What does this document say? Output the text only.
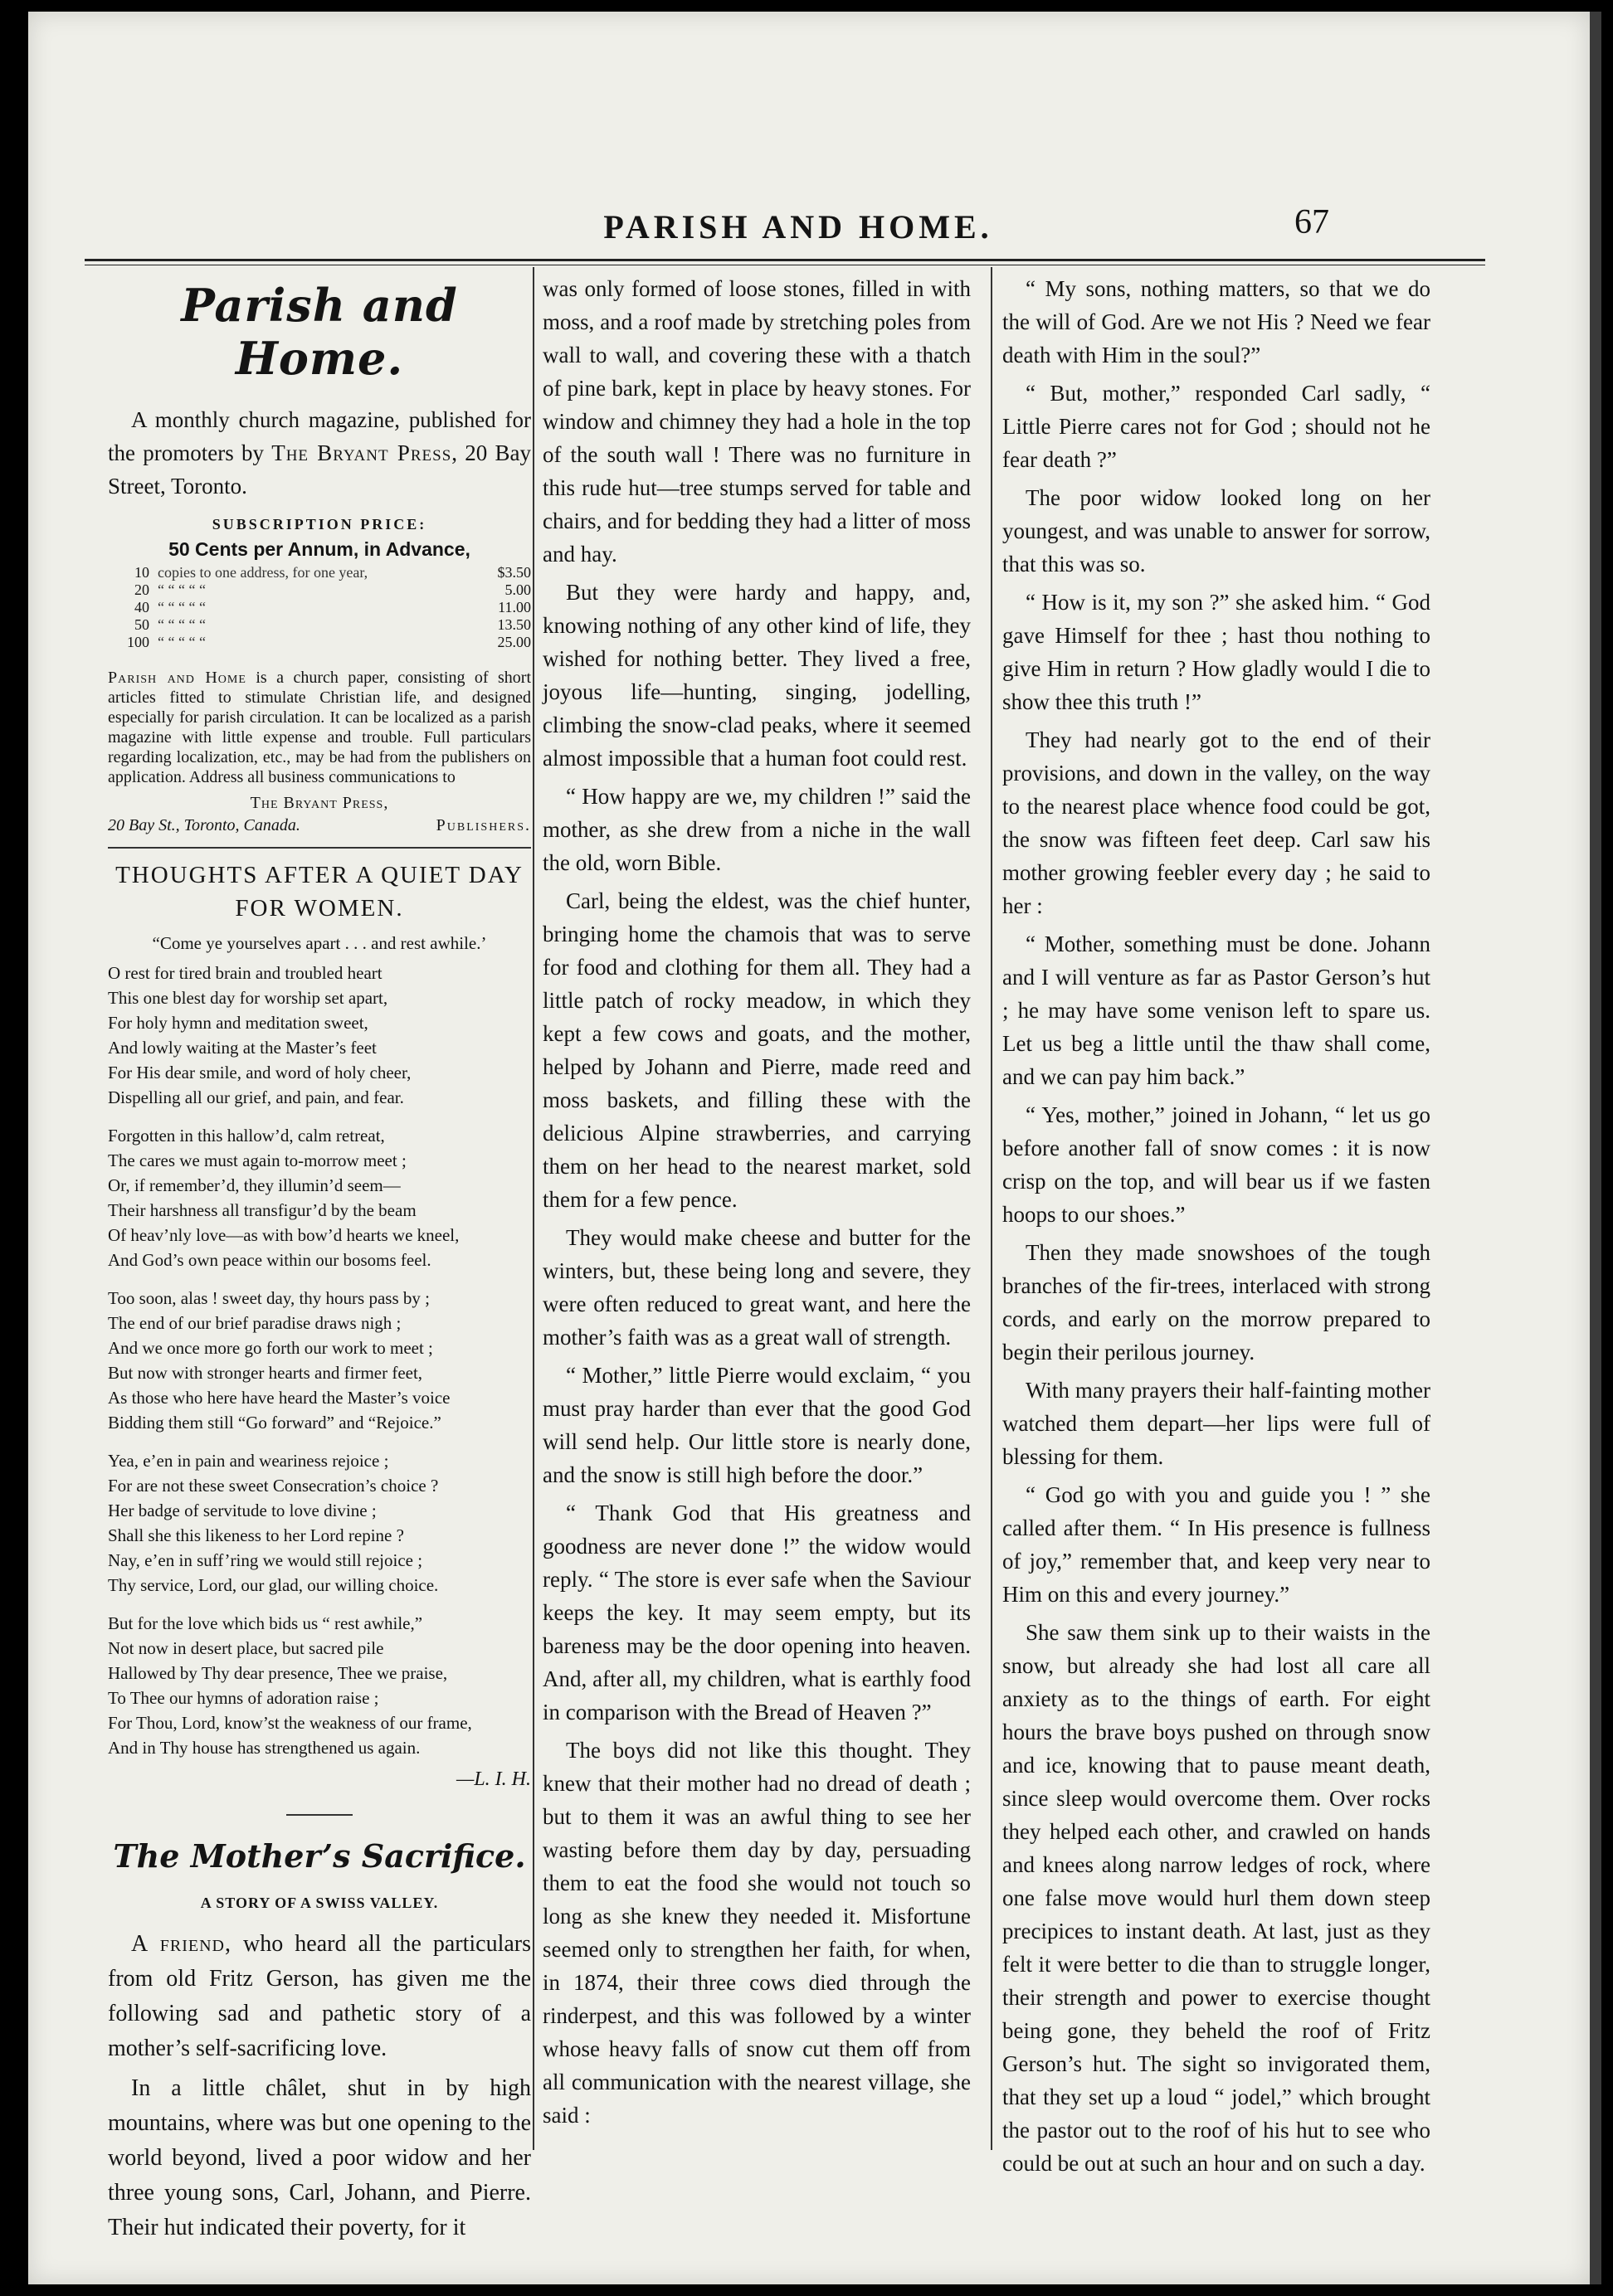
PARISH AND HOME.	67
Parish and Home.

A monthly church magazine, published for the promoters by The Bryant Press, 20 Bay Street, Toronto.

SUBSCRIPTION PRICE:
50 Cents per Annum, in Advance,
10	copies to one address, for one year,	$3.50
20	“ “ “ “ “	5.00
40	“ “ “ “ “	11.00
50	“ “ “ “ “	13.50
100	“ “ “ “ “	25.00
Parish and Home is a church paper, consisting of short articles fitted to stimulate Christian life, and designed especially for parish circulation. It can be localized as a parish magazine with little expense and trouble. Full particulars regarding localization, etc., may be had from the publishers on application. Address all business communications to
The Bryant Press,
20 Bay St., Toronto, Canada.	Publishers.
THOUGHTS AFTER A QUIET DAY
FOR WOMEN.
“Come ye yourselves apart . . . and rest awhile.’
O rest for tired brain and troubled heart
This one blest day for worship set apart,
For holy hymn and meditation sweet,
And lowly waiting at the Master’s feet
For His dear smile, and word of holy cheer,
Dispelling all our grief, and pain, and fear.
Forgotten in this hallow’d, calm retreat,
The cares we must again to-morrow meet ;
Or, if remember’d, they illumin’d seem—
Their harshness all transfigur’d by the beam
Of heav’nly love—as with bow’d hearts we kneel,
And God’s own peace within our bosoms feel.
Too soon, alas ! sweet day, thy hours pass by ;
The end of our brief paradise draws nigh ;
And we once more go forth our work to meet ;
But now with stronger hearts and firmer feet,
As those who here have heard the Master’s voice
Bidding them still “Go forward” and “Rejoice.”
Yea, e’en in pain and weariness rejoice ;
For are not these sweet Consecration’s choice ?
Her badge of servitude to love divine ;
Shall she this likeness to her Lord repine ?
Nay, e’en in suff’ring we would still rejoice ;
Thy service, Lord, our glad, our willing choice.
But for the love which bids us “ rest awhile,”
Not now in desert place, but sacred pile
Hallowed by Thy dear presence, Thee we praise,
To Thee our hymns of adoration raise ;
For Thou, Lord, know’st the weakness of our frame,
And in Thy house has strengthened us again.
—L. I. H.
The Mother’s Sacrifice.
A STORY OF A SWISS VALLEY.

A friend, who heard all the particulars from old Fritz Gerson, has given me the following sad and pathetic story of a mother’s self-sacrificing love.

In a little châlet, shut in by high mountains, where was but one opening to the world beyond, lived a poor widow and her three young sons, Carl, Johann, and Pierre. Their hut indicated their poverty, for it

was only formed of loose stones, filled in with moss, and a roof made by stretching poles from wall to wall, and covering these with a thatch of pine bark, kept in place by heavy stones. For window and chimney they had a hole in the top of the south wall ! There was no furniture in this rude hut—tree stumps served for table and chairs, and for bedding they had a litter of moss and hay.

But they were hardy and happy, and, knowing nothing of any other kind of life, they wished for nothing better. They lived a free, joyous life—hunting, singing, jodelling, climbing the snow-clad peaks, where it seemed almost impossible that a human foot could rest.

“ How happy are we, my children !” said the mother, as she drew from a niche in the wall the old, worn Bible.

Carl, being the eldest, was the chief hunter, bringing home the chamois that was to serve for food and clothing for them all. They had a little patch of rocky meadow, in which they kept a few cows and goats, and the mother, helped by Johann and Pierre, made reed and moss baskets, and filling these with the delicious Alpine strawberries, and carrying them on her head to the nearest market, sold them for a few pence.

They would make cheese and butter for the winters, but, these being long and severe, they were often reduced to great want, and here the mother’s faith was as a great wall of strength.

“ Mother,” little Pierre would exclaim, “ you must pray harder than ever that the good God will send help. Our little store is nearly done, and the snow is still high before the door.”

“ Thank God that His greatness and goodness are never done !” the widow would reply. “ The store is ever safe when the Saviour keeps the key. It may seem empty, but its bareness may be the door opening into heaven. And, after all, my children, what is earthly food in comparison with the Bread of Heaven ?”

The boys did not like this thought. They knew that their mother had no dread of death ; but to them it was an awful thing to see her wasting before them day by day, persuading them to eat the food she would not touch so long as she knew they needed it. Misfortune seemed only to strengthen her faith, for when, in 1874, their three cows died through the rinderpest, and this was followed by a winter whose heavy falls of snow cut them off from all communication with the nearest village, she said :

“ My sons, nothing matters, so that we do the will of God. Are we not His ? Need we fear death with Him in the soul?”

“ But, mother,” responded Carl sadly, “ Little Pierre cares not for God ; should not he fear death ?”

The poor widow looked long on her youngest, and was unable to answer for sorrow, that this was so.

“ How is it, my son ?” she asked him. “ God gave Himself for thee ; hast thou nothing to give Him in return ? How gladly would I die to show thee this truth !”

They had nearly got to the end of their provisions, and down in the valley, on the way to the nearest place whence food could be got, the snow was fifteen feet deep. Carl saw his mother growing feebler every day ; he said to her :

“ Mother, something must be done. Johann and I will venture as far as Pastor Gerson’s hut ; he may have some venison left to spare us. Let us beg a little until the thaw shall come, and we can pay him back.”

“ Yes, mother,” joined in Johann, “ let us go before another fall of snow comes : it is now crisp on the top, and will bear us if we fasten hoops to our shoes.”

Then they made snowshoes of the tough branches of the fir-trees, interlaced with strong cords, and early on the morrow prepared to begin their perilous journey.

With many prayers their half-fainting mother watched them depart—her lips were full of blessing for them.

“ God go with you and guide you ! ” she called after them. “ In His presence is fullness of joy,” remember that, and keep very near to Him on this and every journey.”

She saw them sink up to their waists in the snow, but already she had lost all care all anxiety as to the things of earth. For eight hours the brave boys pushed on through snow and ice, knowing that to pause meant death, since sleep would overcome them. Over rocks they helped each other, and crawled on hands and knees along narrow ledges of rock, where one false move would hurl them down steep precipices to instant death. At last, just as they felt it were better to die than to struggle longer, their strength and power to exercise thought being gone, they beheld the roof of Fritz Gerson’s hut. The sight so invigorated them, that they set up a loud “ jodel,” which brought the pastor out to the roof of his hut to see who could be out at such an hour and on such a day.
